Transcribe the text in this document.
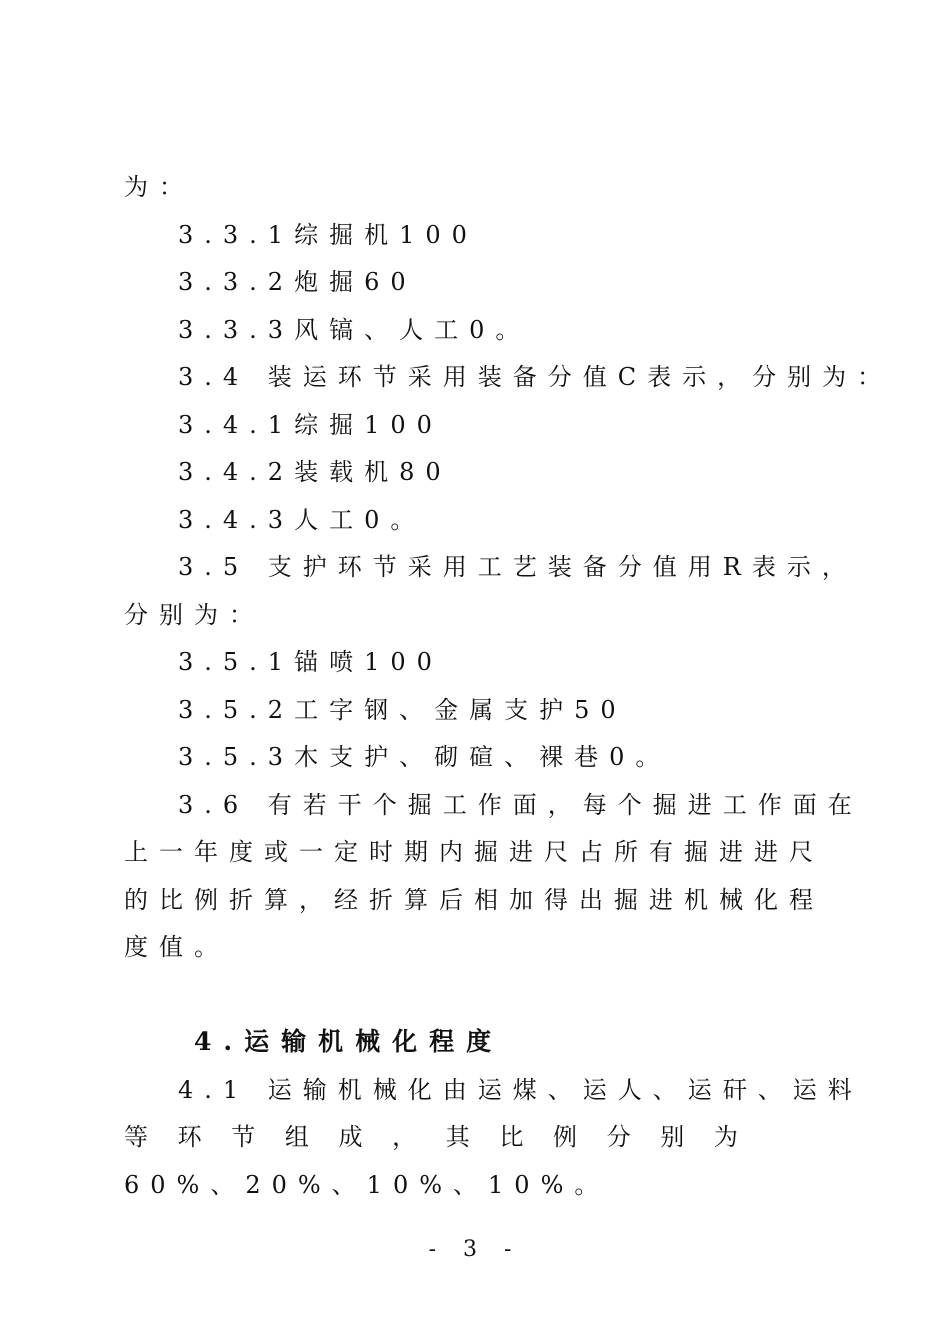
为：
3.3.1综掘机100
3.3.2炮掘60
3.3.3风镐、人工0。
3.4 装运环节采用装备分值C表示，分别为：
3.4.1综掘100
3.4.2装载机80
3.4.3人工0。
3.5 支护环节采用工艺装备分值用R表示，
分别为：
3.5.1锚喷100
3.5.2工字钢、金属支护50
3.5.3木支护、砌碹、裸巷0。
3.6 有若干个掘工作面，每个掘进工作面在
上一年度或一定时期内掘进尺占所有掘进进尺
的比例折算，经折算后相加得出掘进机械化程
度值。
4.运输机械化程度
4.1 运输机械化由运煤、运人、运矸、运料
等 环 节 组 成 ， 其 比 例 分 别 为
60%、20%、10%、10%。
- 3 -
